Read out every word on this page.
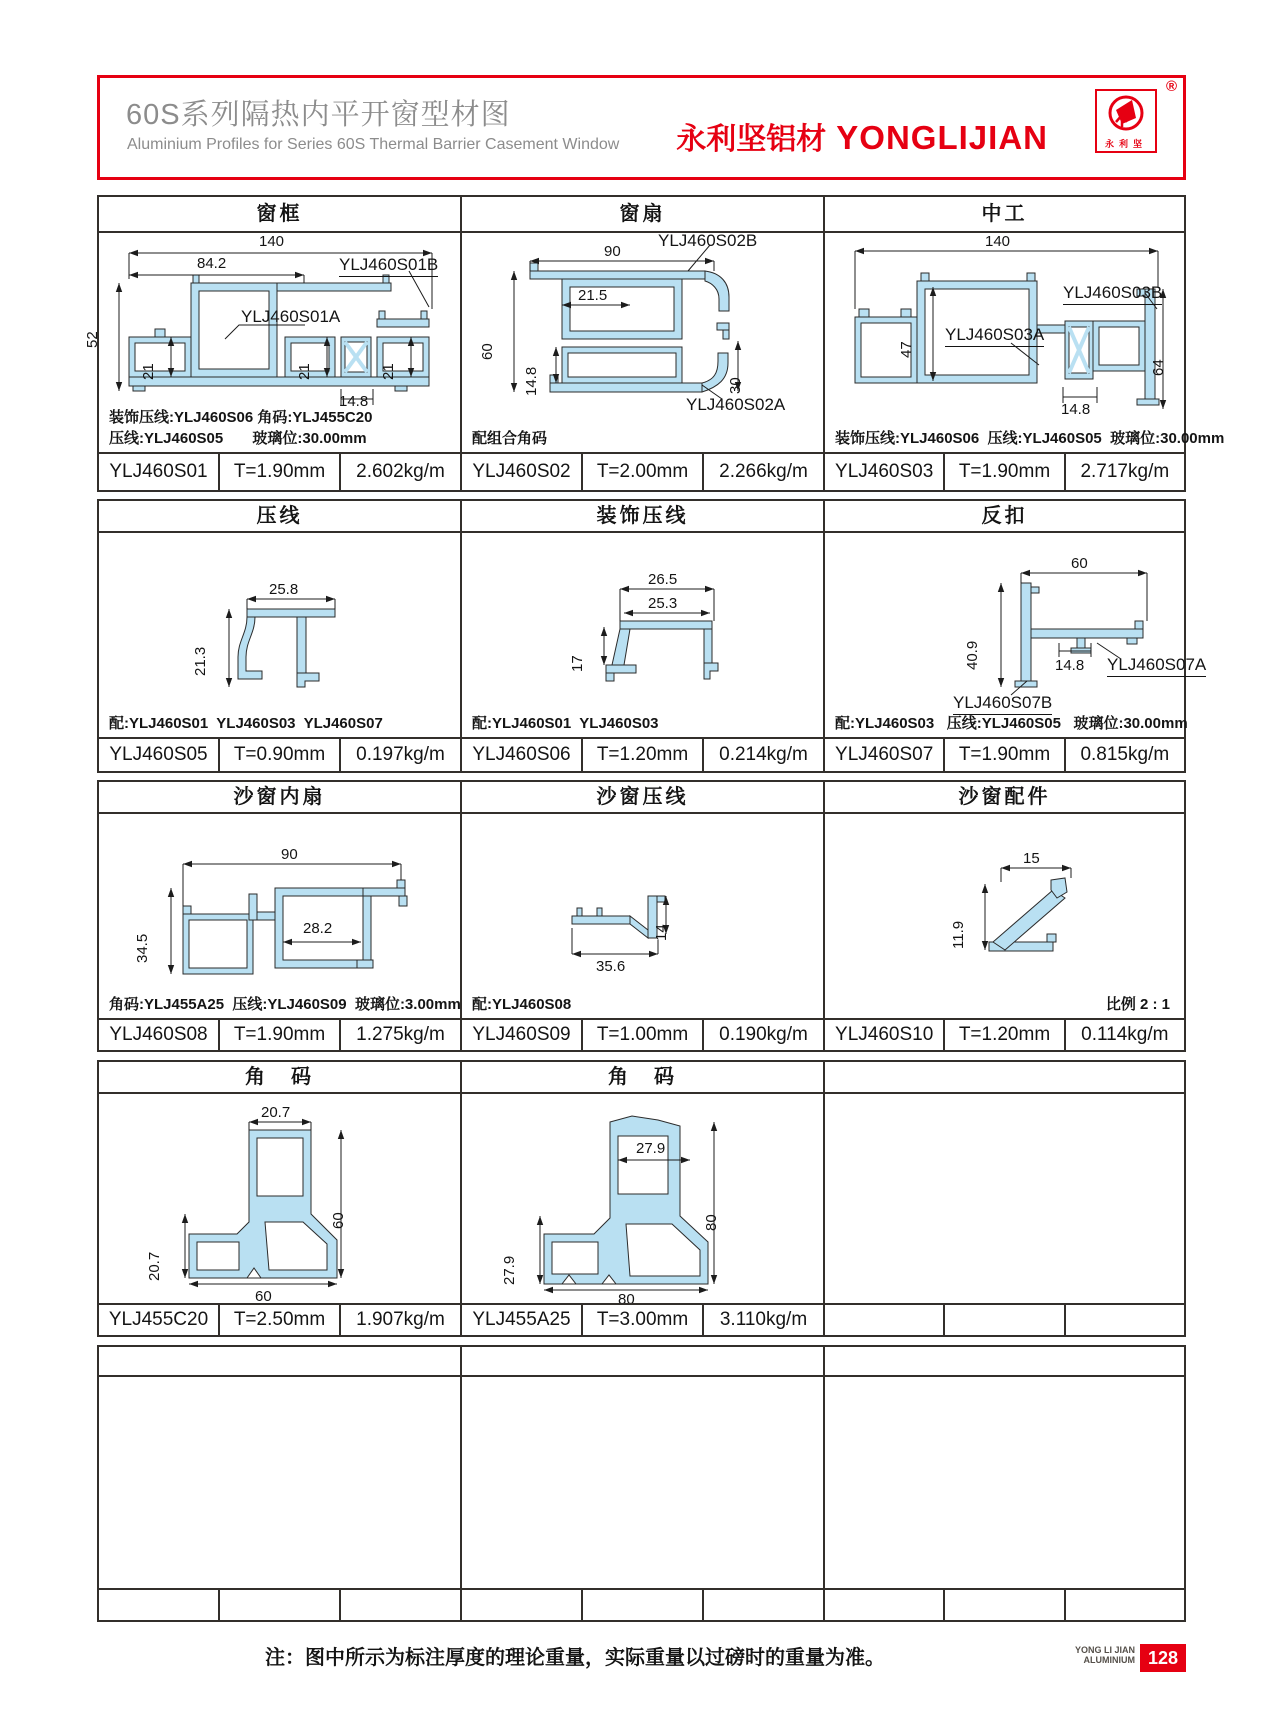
60S系列隔热内平开窗型材图
Aluminium Profiles for Series 60S Thermal Barrier Casement Window 永利坚铝材 YONGLIJIAN	永利坚
®
窗框
140
84.2
52
21	21	21
14.8
YLJ460S01A
YLJ460S01B
装饰压线:YLJ460S06 角码:YLJ455C20
压线:YLJ460S05       玻璃位:30.00mm
YLJ460S01	T=1.90mm	2.602kg/m
窗扇
90
21.5
60
14.8	30
YLJ460S02B
YLJ460S02A
配组合角码
YLJ460S02	T=2.00mm	2.266kg/m
中工
140
47
64
14.8
YLJ460S03B
YLJ460S03A
装饰压线:YLJ460S06  压线:YLJ460S05  玻璃位:30.00mm
YLJ460S03	T=1.90mm	2.717kg/m
压线
25.8
21.3
配:YLJ460S01  YLJ460S03  YLJ460S07
YLJ460S05	T=0.90mm	0.197kg/m
装饰压线
26.5
25.3
17
配:YLJ460S01  YLJ460S03
YLJ460S06	T=1.20mm	0.214kg/m
反扣
60
40.9	14.8
YLJ460S07B
YLJ460S07A
配:YLJ460S03   压线:YLJ460S05   玻璃位:30.00mm
YLJ460S07	T=1.90mm	0.815kg/m
沙窗内扇
90
34.5
28.2
角码:YLJ455A25  压线:YLJ460S09  玻璃位:3.00mm
YLJ460S08	T=1.90mm	1.275kg/m
沙窗压线
14
35.6
配:YLJ460S08
YLJ460S09	T=1.00mm	0.190kg/m
沙窗配件
15
11.9
比例 2 : 1
YLJ460S10	T=1.20mm	0.114kg/m
角　码
20.7
60
20.7
60
YLJ455C20	T=2.50mm	1.907kg/m
角　码
27.9
80
27.9
80
YLJ455A25	T=3.00mm	3.110kg/m
注：图中所示为标注厚度的理论重量，实际重量以过磅时的重量为准。	YONG LI JIAN
ALUMINIUM 128
